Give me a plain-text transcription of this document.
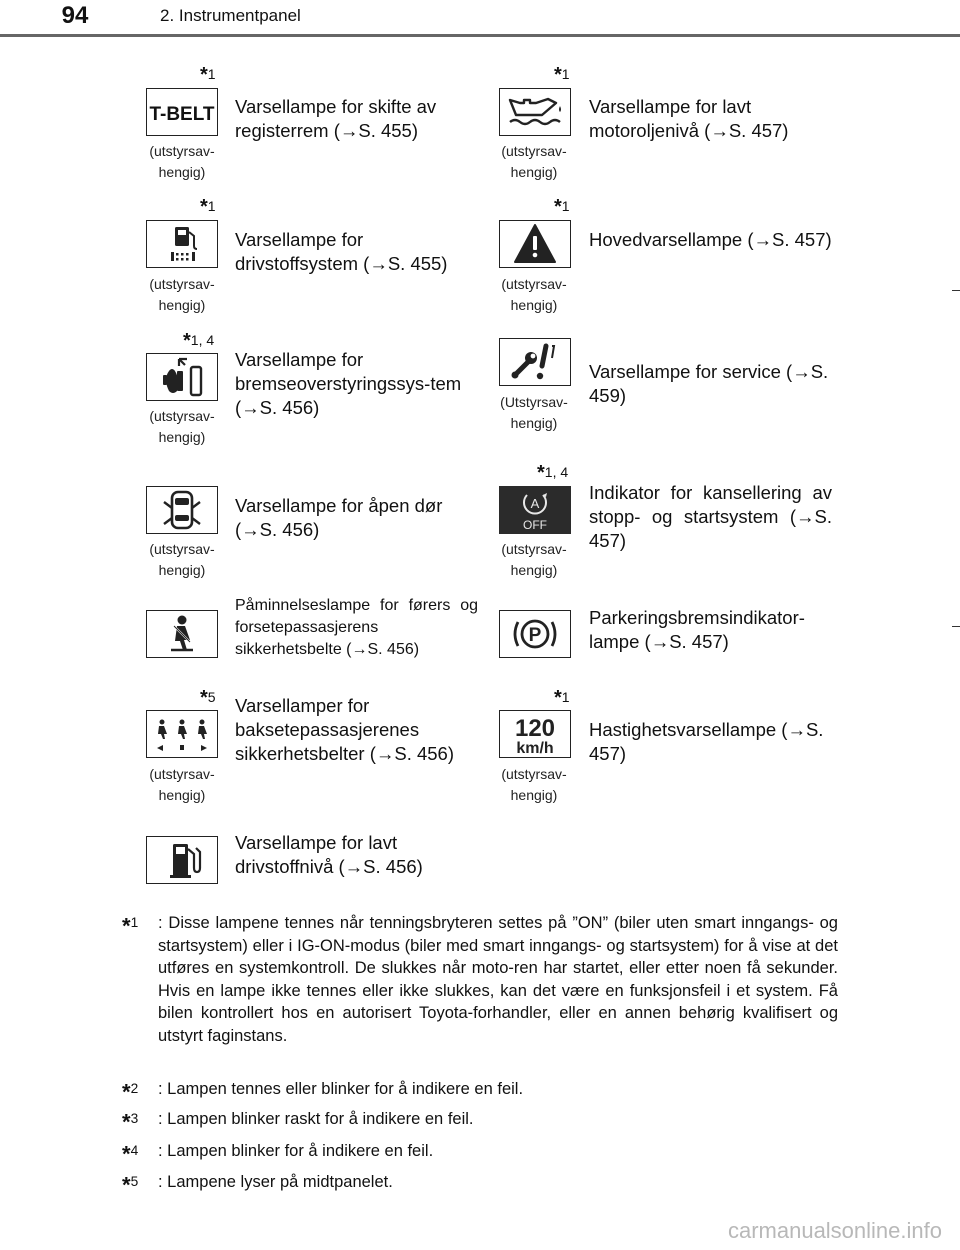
94	2. Instrumentpanel
*1
T-BELT
(utstyrsav-
hengig)
Varsellampe for skifte av registerrem (→S. 455)
*1
(utstyrsav-
hengig)
Varsellampe for drivstoffsystem (→S. 455)
*1, 4
(utstyrsav-
hengig)
Varsellampe for bremseoverstyringssys-tem (→S. 456)
(utstyrsav-
hengig)
Varsellampe for åpen dør (→S. 456)
Påminnelseslampe for førers og forsetepassasjerens sikkerhetsbelte (→S. 456)
*5
(utstyrsav-
hengig)
Varsellamper for baksetepassasjerenes sikkerhetsbelter (→S. 456)
Varsellampe for lavt drivstoffnivå (→S. 456)
*1
(utstyrsav-
hengig)
Varsellampe for lavt motoroljenivå (→S. 457)
*1
(utstyrsav-
hengig)
Hovedvarsellampe (→S. 457)
(Utstyrsav-
hengig)
Varsellampe for service (→S. 459)
*1, 4
A
OFF
(utstyrsav-
hengig)
Indikator for kansellering av stopp- og startsystem (→S. 457)
P
Parkeringsbremsindikator-lampe (→S. 457)
*1
120
km/h
(utstyrsav-
hengig)
Hastighetsvarsellampe (→S. 457)
*$^1$ : Disse lampene tennes når tenningsbryteren settes på ”ON” (biler uten smart inngangs- og startsystem) eller i IG-ON-modus (biler med smart inngangs- og startsystem) for å vise at det utføres en systemkontroll. De slukkes når moto-ren har startet, eller etter noen få sekunder. Hvis en lampe ikke tennes eller ikke slukkes, kan det være en funksjonsfeil i et system. Få bilen kontrollert hos en autorisert Toyota-forhandler, eller en annen behørig kvalifisert og utstyrt faginstans.
*$^2$ : Lampen tennes eller blinker for å indikere en feil.
*$^3$ : Lampen blinker raskt for å indikere en feil.
*$^4$ : Lampen blinker for å indikere en feil.
*$^5$ : Lampene lyser på midtpanelet.
carmanualsonline.info
